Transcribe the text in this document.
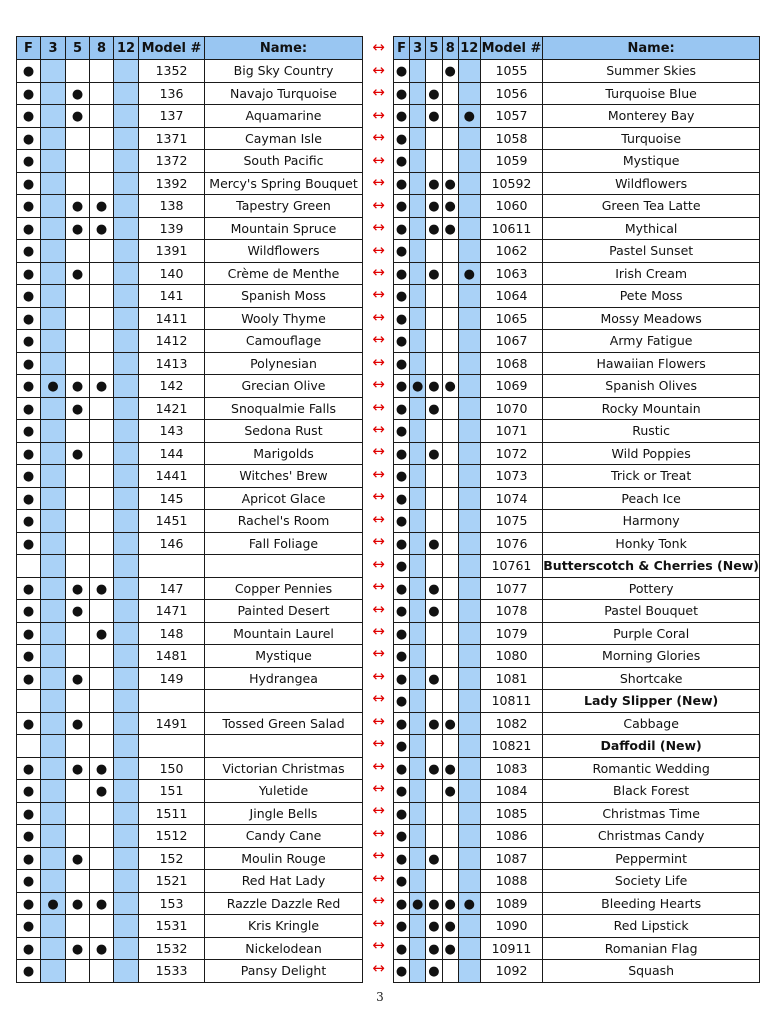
F	3	5	8	12	Model #	Name:
●					1352	Big Sky Country
●		●			136	Navajo Turquoise
●		●			137	Aquamarine
●					1371	Cayman Isle
●					1372	South Pacific
●					1392	Mercy's Spring Bouquet
●		●	●		138	Tapestry Green
●		●	●		139	Mountain Spruce
●					1391	Wildflowers
●		●			140	Crème de Menthe
●					141	Spanish Moss
●					1411	Wooly Thyme
●					1412	Camouflage
●					1413	Polynesian
●	●	●	●		142	Grecian Olive
●		●			1421	Snoqualmie Falls
●					143	Sedona Rust
●		●			144	Marigolds
●					1441	Witches' Brew
●					145	Apricot Glace
●					1451	Rachel's Room
●					146	Fall Foliage

●		●	●		147	Copper Pennies
●		●			1471	Painted Desert
●			●		148	Mountain Laurel
●					1481	Mystique
●		●			149	Hydrangea

●		●			1491	Tossed Green Salad

●		●	●		150	Victorian Christmas
●			●		151	Yuletide
●					1511	Jingle Bells
●					1512	Candy Cane
●		●			152	Moulin Rouge
●					1521	Red Hat Lady
●	●	●	●		153	Razzle Dazzle Red
●					1531	Kris Kringle
●		●	●		1532	Nickelodean
●					1533	Pansy Delight
↔
↔
↔
↔
↔
↔
↔
↔
↔
↔
↔
↔
↔
↔
↔
↔
↔
↔
↔
↔
↔
↔
↔
↔
↔
↔
↔
↔
↔
↔
↔
↔
↔
↔
↔
↔
↔
↔
↔
↔
↔
↔
F	3	5	8	12	Model #	Name:
●			●		1055	Summer Skies
●		●			1056	Turquoise Blue
●		●		●	1057	Monterey Bay
●					1058	Turquoise
●					1059	Mystique
●		●	●		10592	Wildflowers
●		●	●		1060	Green Tea Latte
●		●	●		10611	Mythical
●					1062	Pastel Sunset
●		●		●	1063	Irish Cream
●					1064	Pete Moss
●					1065	Mossy Meadows
●					1067	Army Fatigue
●					1068	Hawaiian Flowers
●	●	●	●		1069	Spanish Olives
●		●			1070	Rocky Mountain
●					1071	Rustic
●		●			1072	Wild Poppies
●					1073	Trick or Treat
●					1074	Peach Ice
●					1075	Harmony
●		●			1076	Honky Tonk
●					10761	Butterscotch & Cherries (New)
●		●			1077	Pottery
●		●			1078	Pastel Bouquet
●					1079	Purple Coral
●					1080	Morning Glories
●		●			1081	Shortcake
●					10811	Lady Slipper (New)
●		●	●		1082	Cabbage
●					10821	Daffodil (New)
●		●	●		1083	Romantic Wedding
●			●		1084	Black Forest
●					1085	Christmas Time
●					1086	Christmas Candy
●		●			1087	Peppermint
●					1088	Society Life
●	●	●	●	●	1089	Bleeding Hearts
●		●	●		1090	Red Lipstick
●		●	●		10911	Romanian Flag
●		●			1092	Squash
3
